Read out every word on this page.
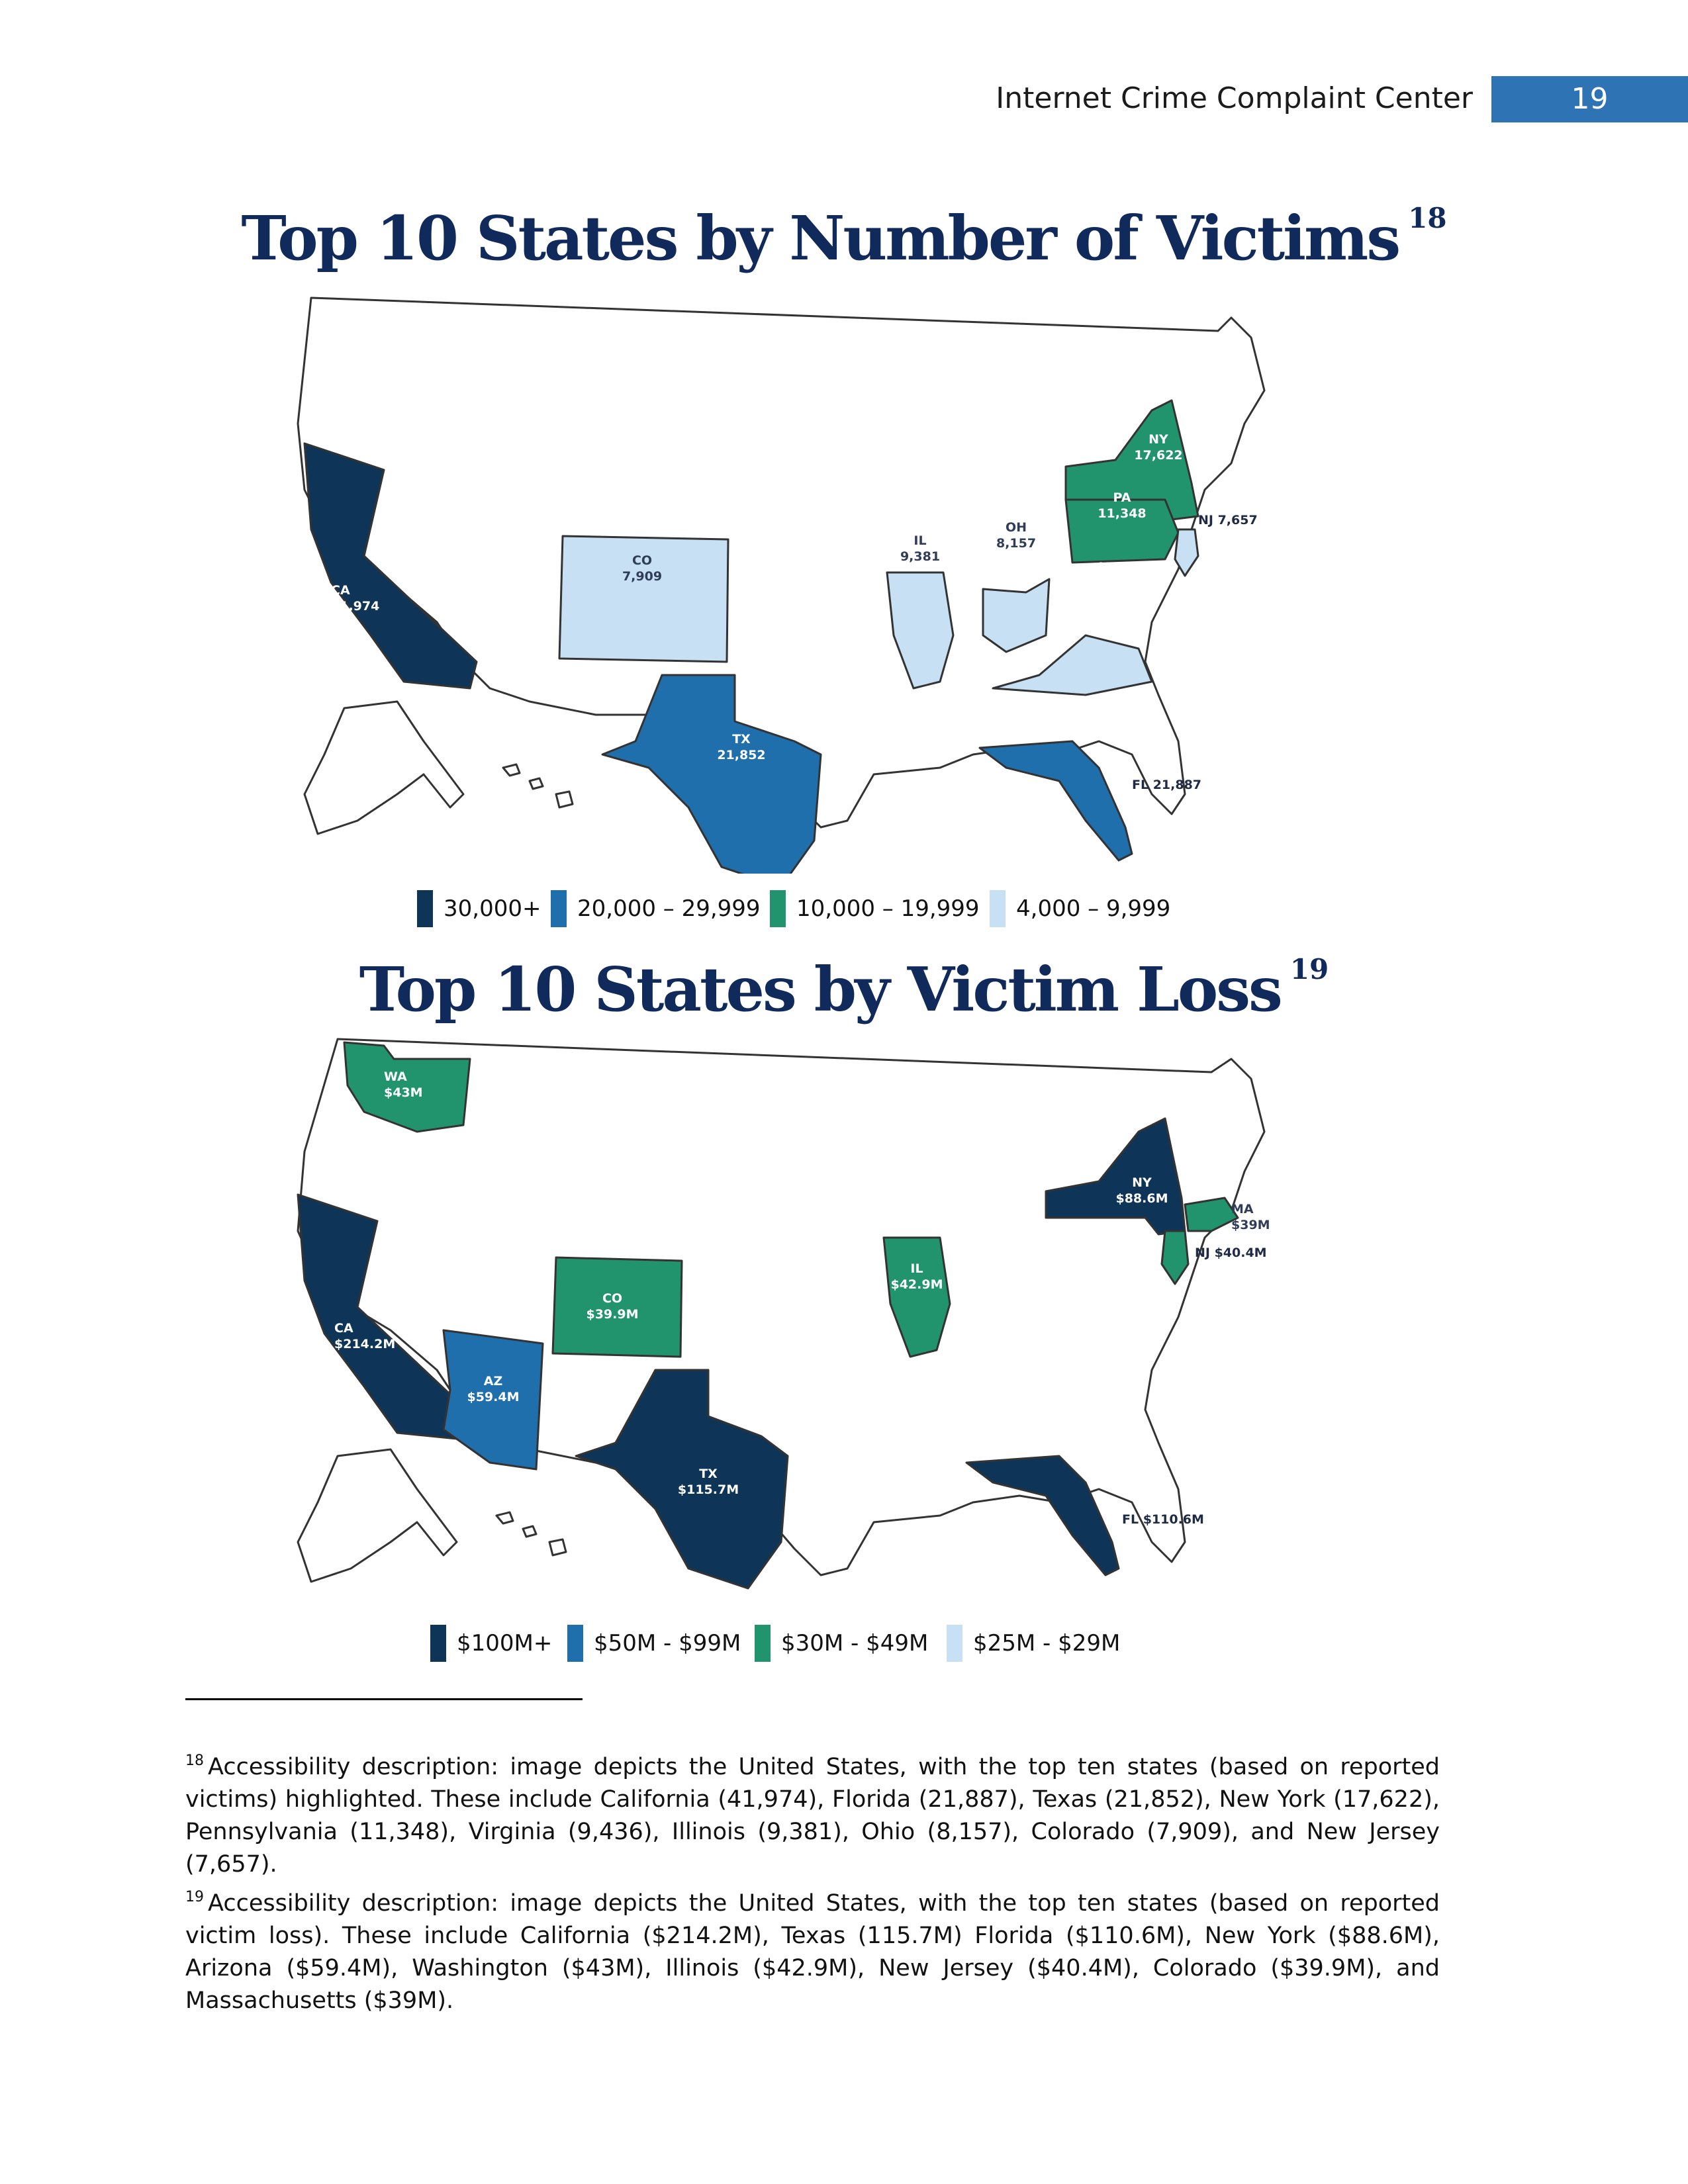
Internet Crime Complaint Center	19
Top 10 States by Number of Victims $^{18}$
CA
41,974
CO
7,909
TX
21,852
IL
9,381
OH
8,157
VA
9,436
NY
17,622
PA
11,348	NJ 7,657
FL 21,887
30,000+ 20,000 – 29,999 10,000 – 19,999 4,000 – 9,999
Top 10 States by Victim Loss $^{19}$
WA
$43M
CA
$214.2M
AZ
$59.4M
CO
$39.9M
TX
$115.7M
IL
$42.9M
NY
$88.6M
MA
$39M
NJ $40.4M
FL $110.6M
$100M+ $50M - $99M $30M - $49M $25M - $29M

$^{18}$ Accessibility description: image depicts the United States, with the top ten states (based on reported victims) highlighted. These include California (41,974), Florida (21,887), Texas (21,852), New York (17,622), Pennsylvania (11,348), Virginia (9,436), Illinois (9,381), Ohio (8,157), Colorado (7,909), and New Jersey (7,657).

$^{19}$ Accessibility description: image depicts the United States, with the top ten states (based on reported victim loss). These include California ($214.2M), Texas (115.7M) Florida ($110.6M), New York ($88.6M), Arizona ($59.4M), Washington ($43M), Illinois ($42.9M), New Jersey ($40.4M), Colorado ($39.9M), and Massachusetts ($39M).
